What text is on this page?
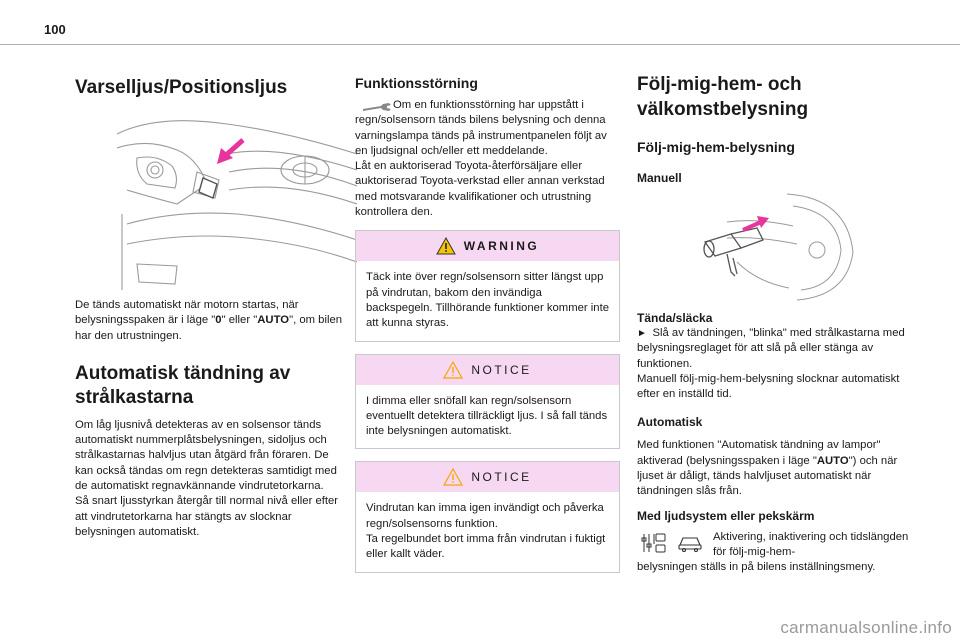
100
Varselljus/Positionsljus

De tänds automatiskt när motorn startas, när belysningsspaken är i läge "0" eller "AUTO", om bilen har den utrustningen.

Automatisk tändning av strålkastarna

Om låg ljusnivå detekteras av en solsensor tänds automatiskt nummerplåtsbelysningen, sidoljus och strålkastarnas halvljus utan åtgärd från föraren. De kan också tändas om regn detekteras samtidigt med de automatiskt regnavkännande vindrutetorkarna.
Så snart ljusstyrkan återgår till normal nivå eller efter att vindrutetorkarna har stängts av slocknar belysningen automatiskt.

Funktionsstörning

Om en funktionsstörning har uppstått i regn/solsensorn tänds bilens belysning och denna varningslampa tänds på instrumentpanelen följt av en ljudsignal och/eller ett meddelande.
Låt en auktoriserad Toyota-återförsäljare eller auktoriserad Toyota-verkstad eller annan verkstad med motsvarande kvalifikationer och utrustning kontrollera den.

WARNING

Täck inte över regn/solsensorn sitter längst upp på vindrutan, bakom den invändiga backspegeln. Tillhörande funktioner kommer inte att kunna styras.

NOTICE

I dimma eller snöfall kan regn/solsensorn eventuellt detektera tillräckligt ljus. I så fall tänds inte belysningen automatiskt.

NOTICE

Vindrutan kan imma igen invändigt och påverka regn/solsensorns funktion.
Ta regelbundet bort imma från vindrutan i fuktigt eller kallt väder.

Följ-mig-hem- och välkomstbelysning
Följ-mig-hem-belysning
Manuell
Tända/släcka

►  Slå av tändningen, "blinka" med strålkastarna med belysningsreglaget för att slå på eller stänga av funktionen.
Manuell följ-mig-hem-belysning slocknar automatiskt efter en inställd tid.

Automatisk

Med funktionen "Automatisk tändning av lampor" aktiverad (belysningsspaken i läge "AUTO") och när ljuset är dåligt, tänds halvljuset automatiskt när tändningen slås från.

Med ljudsystem eller pekskärm

Aktivering, inaktivering och tidslängden för följ-mig-hem-

belysningen ställs in på bilens inställningsmeny.

carmanualsonline.info
